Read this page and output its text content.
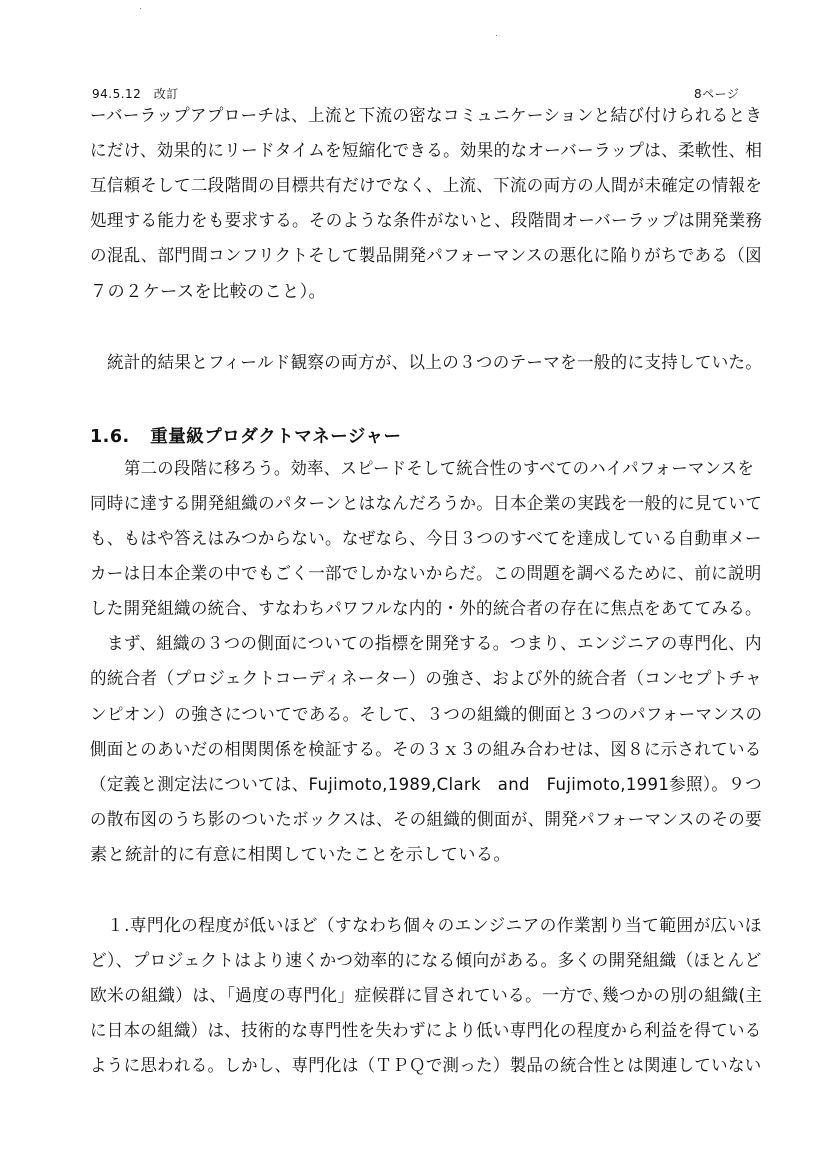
94.5.12　改訂	8ページ
ーバーラップアプローチは、上流と下流の密なコミュニケーションと結び付けられるとき
にだけ、効果的にリードタイムを短縮化できる。効果的なオーバーラップは、柔軟性、相
互信頼そして二段階間の目標共有だけでなく、上流、下流の両方の人間が未確定の情報を
処理する能力をも要求する。そのような条件がないと、段階間オーバーラップは開発業務
の混乱、部門間コンフリクトそして製品開発パフォーマンスの悪化に陥りがちである（図
７の２ケースを比較のこと）。
統計的結果とフィールド観察の両方が、以上の３つのテーマを一般的に支持していた。
1.6. 重量級プロダクトマネージャー
第二の段階に移ろう。効率、スピードそして統合性のすべてのハイパフォーマンスを
同時に達する開発組織のパターンとはなんだろうか。日本企業の実践を一般的に見ていて
も、もはや答えはみつからない。なぜなら、今日３つのすべてを達成している自動車メー
カーは日本企業の中でもごく一部でしかないからだ。この問題を調べるために、前に説明
した開発組織の統合、すなわちパワフルな内的・外的統合者の存在に焦点をあててみる。
まず、組織の３つの側面についての指標を開発する。つまり、エンジニアの専門化、内
的統合者（プロジェクトコーディネーター）の強さ、および外的統合者（コンセプトチャ
ンピオン）の強さについてである。そして、３つの組織的側面と３つのパフォーマンスの
側面とのあいだの相関関係を検証する。その３ｘ３の組み合わせは、図８に示されている
（定義と測定法については、Fujimoto,1989,Clark　and　Fujimoto,1991参照）。９つ
の散布図のうち影のついたボックスは、その組織的側面が、開発パフォーマンスのその要
素と統計的に有意に相関していたことを示している。
１.専門化の程度が低いほど（すなわち個々のエンジニアの作業割り当て範囲が広いほ
ど）、プロジェクトはより速くかつ効率的になる傾向がある。多くの開発組織（ほとんど
欧米の組織）は、「過度の専門化」症候群に冒されている。一方で､幾つかの別の組織(主
に日本の組織）は、技術的な専門性を失わずにより低い専門化の程度から利益を得ている
ように思われる。しかし、専門化は（ＴＰＱで測った）製品の統合性とは関連していない
